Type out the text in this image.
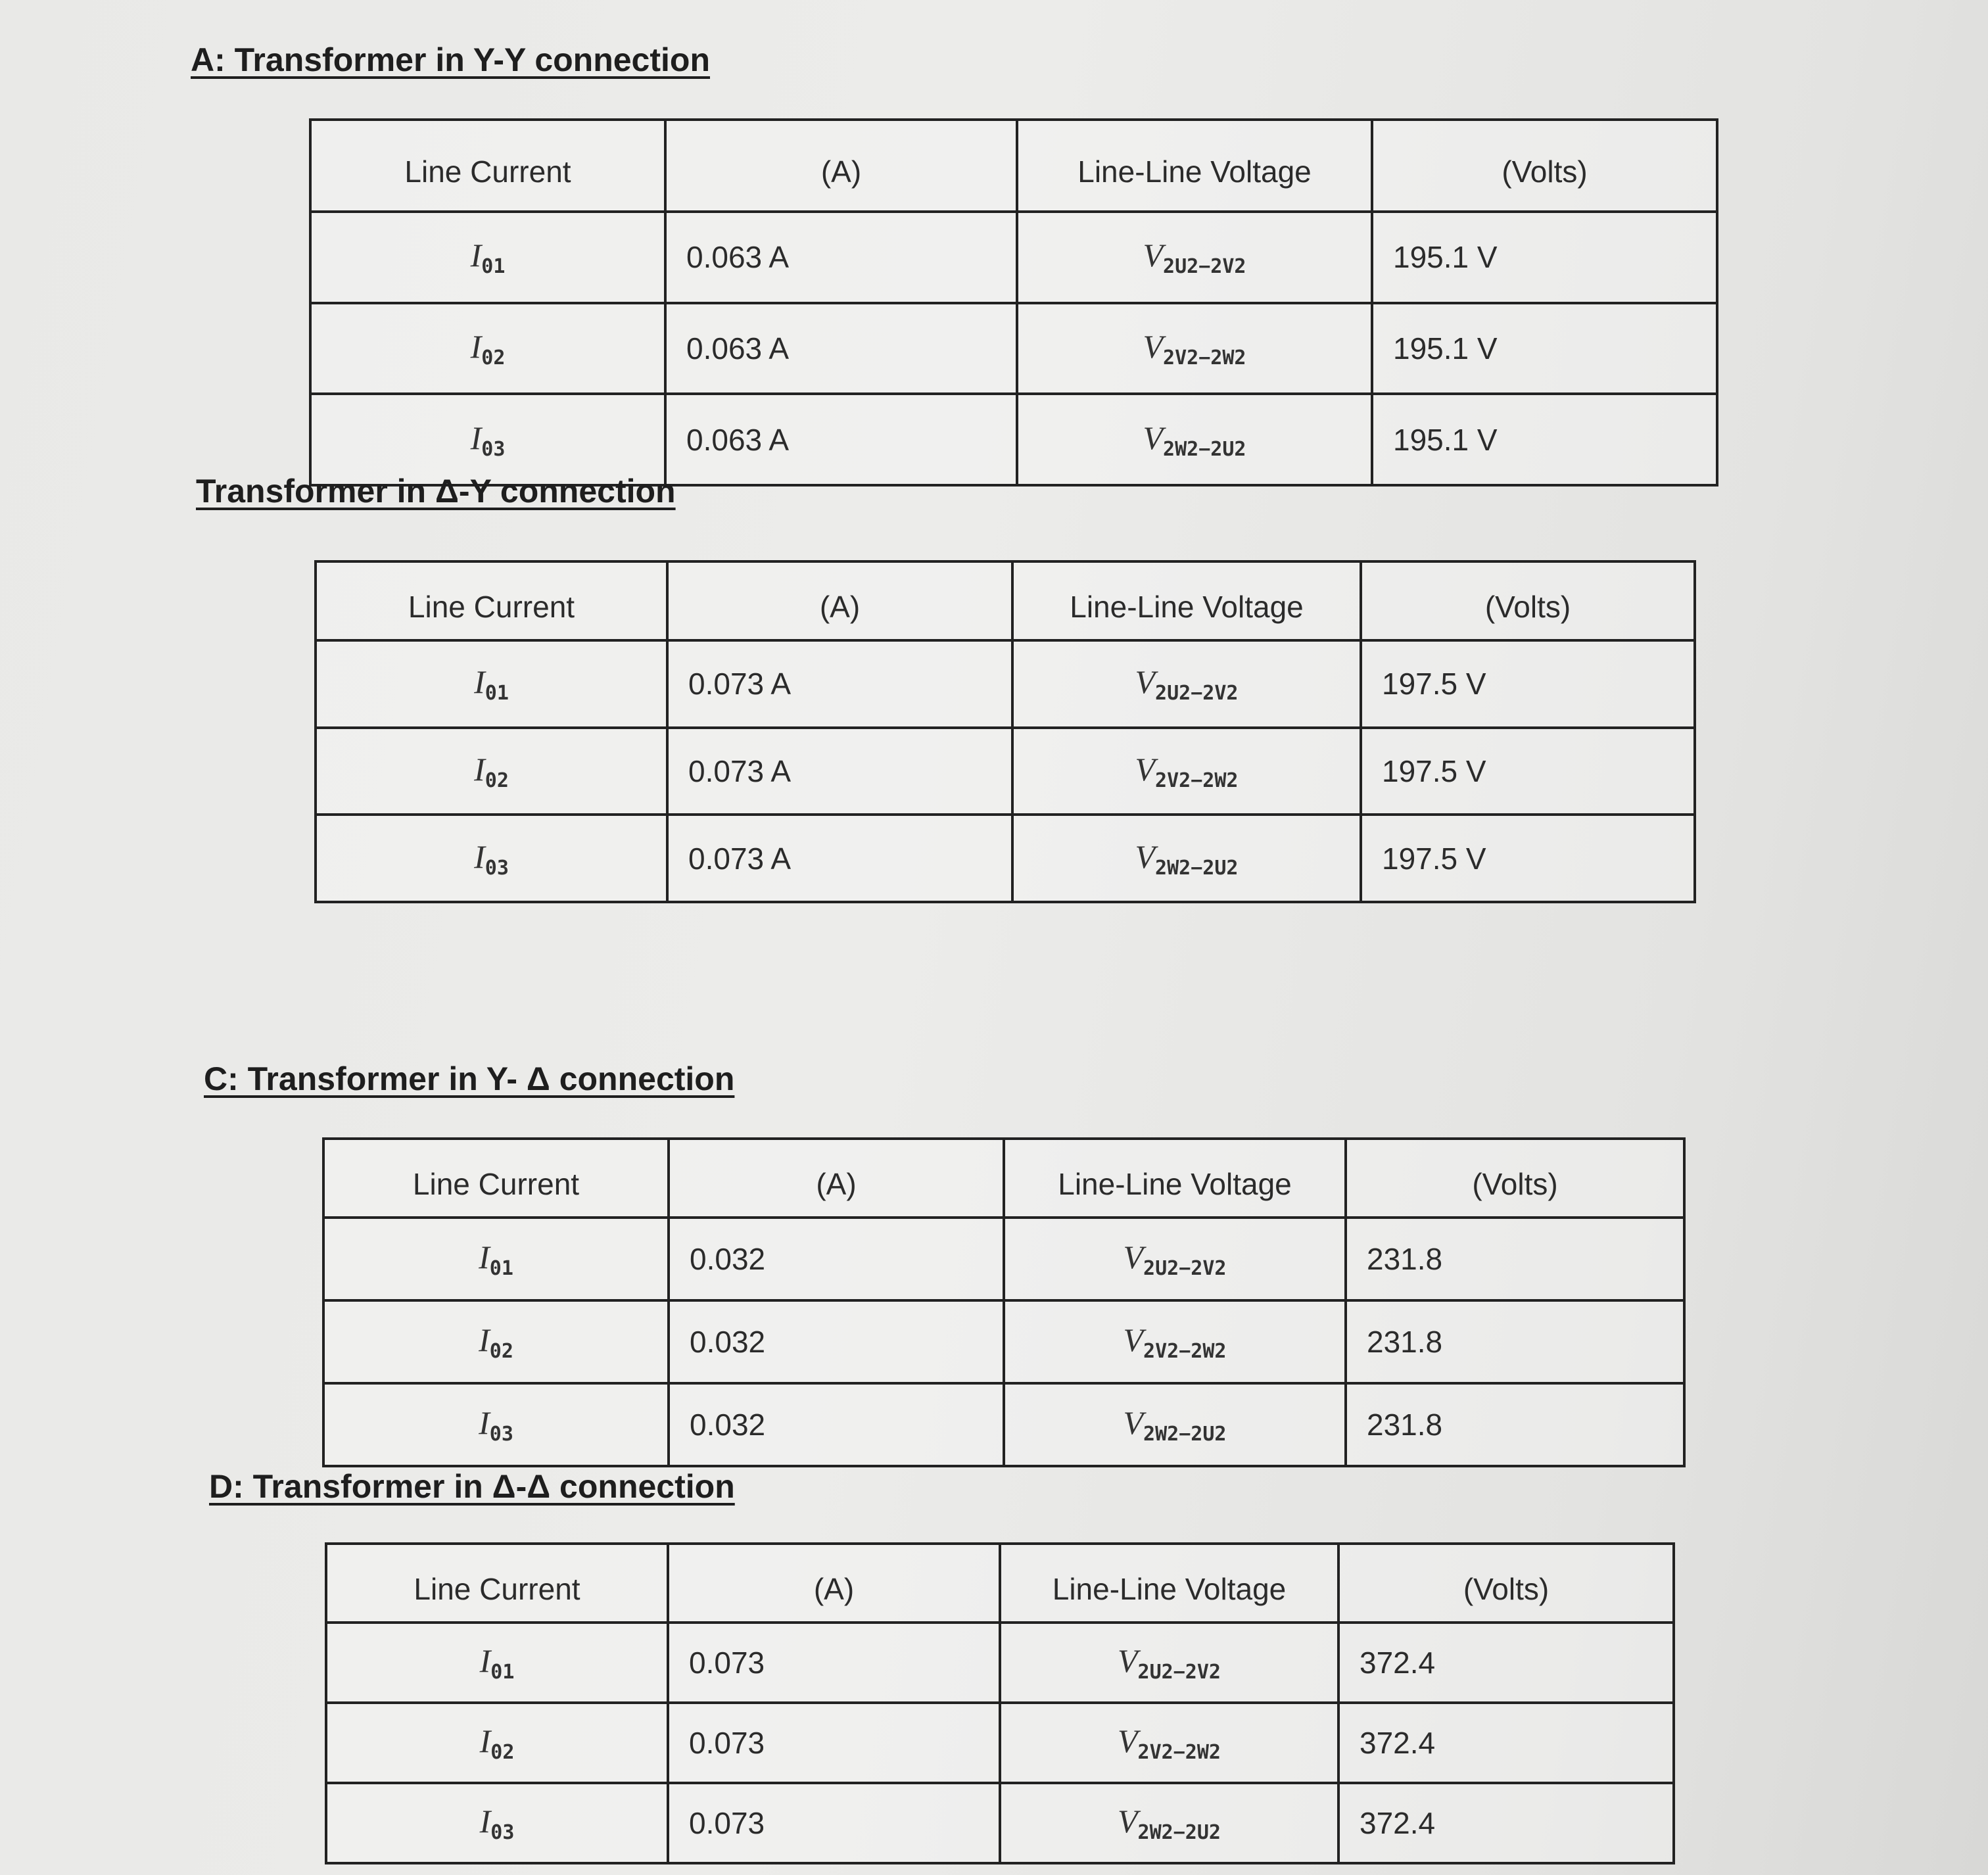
A: Transformer in Y-Y connection
Line Current	(A)	Line-Line Voltage	(Volts)
$I_{01}$	0.063 A	$V_{2U2-2V2}$	195.1 V
$I_{02}$	0.063 A	$V_{2V2-2W2}$	195.1 V
$I_{03}$	0.063 A	$V_{2W2-2U2}$	195.1 V
Transformer in Δ-Y connection
Line Current	(A)	Line-Line Voltage	(Volts)
$I_{01}$	0.073 A	$V_{2U2-2V2}$	197.5 V
$I_{02}$	0.073 A	$V_{2V2-2W2}$	197.5 V
$I_{03}$	0.073 A	$V_{2W2-2U2}$	197.5 V
C: Transformer in Y- Δ connection
Line Current	(A)	Line-Line Voltage	(Volts)
$I_{01}$	0.032	$V_{2U2-2V2}$	231.8
$I_{02}$	0.032	$V_{2V2-2W2}$	231.8
$I_{03}$	0.032	$V_{2W2-2U2}$	231.8
D: Transformer in Δ-Δ connection
Line Current	(A)	Line-Line Voltage	(Volts)
$I_{01}$	0.073	$V_{2U2-2V2}$	372.4
$I_{02}$	0.073	$V_{2V2-2W2}$	372.4
$I_{03}$	0.073	$V_{2W2-2U2}$	372.4
